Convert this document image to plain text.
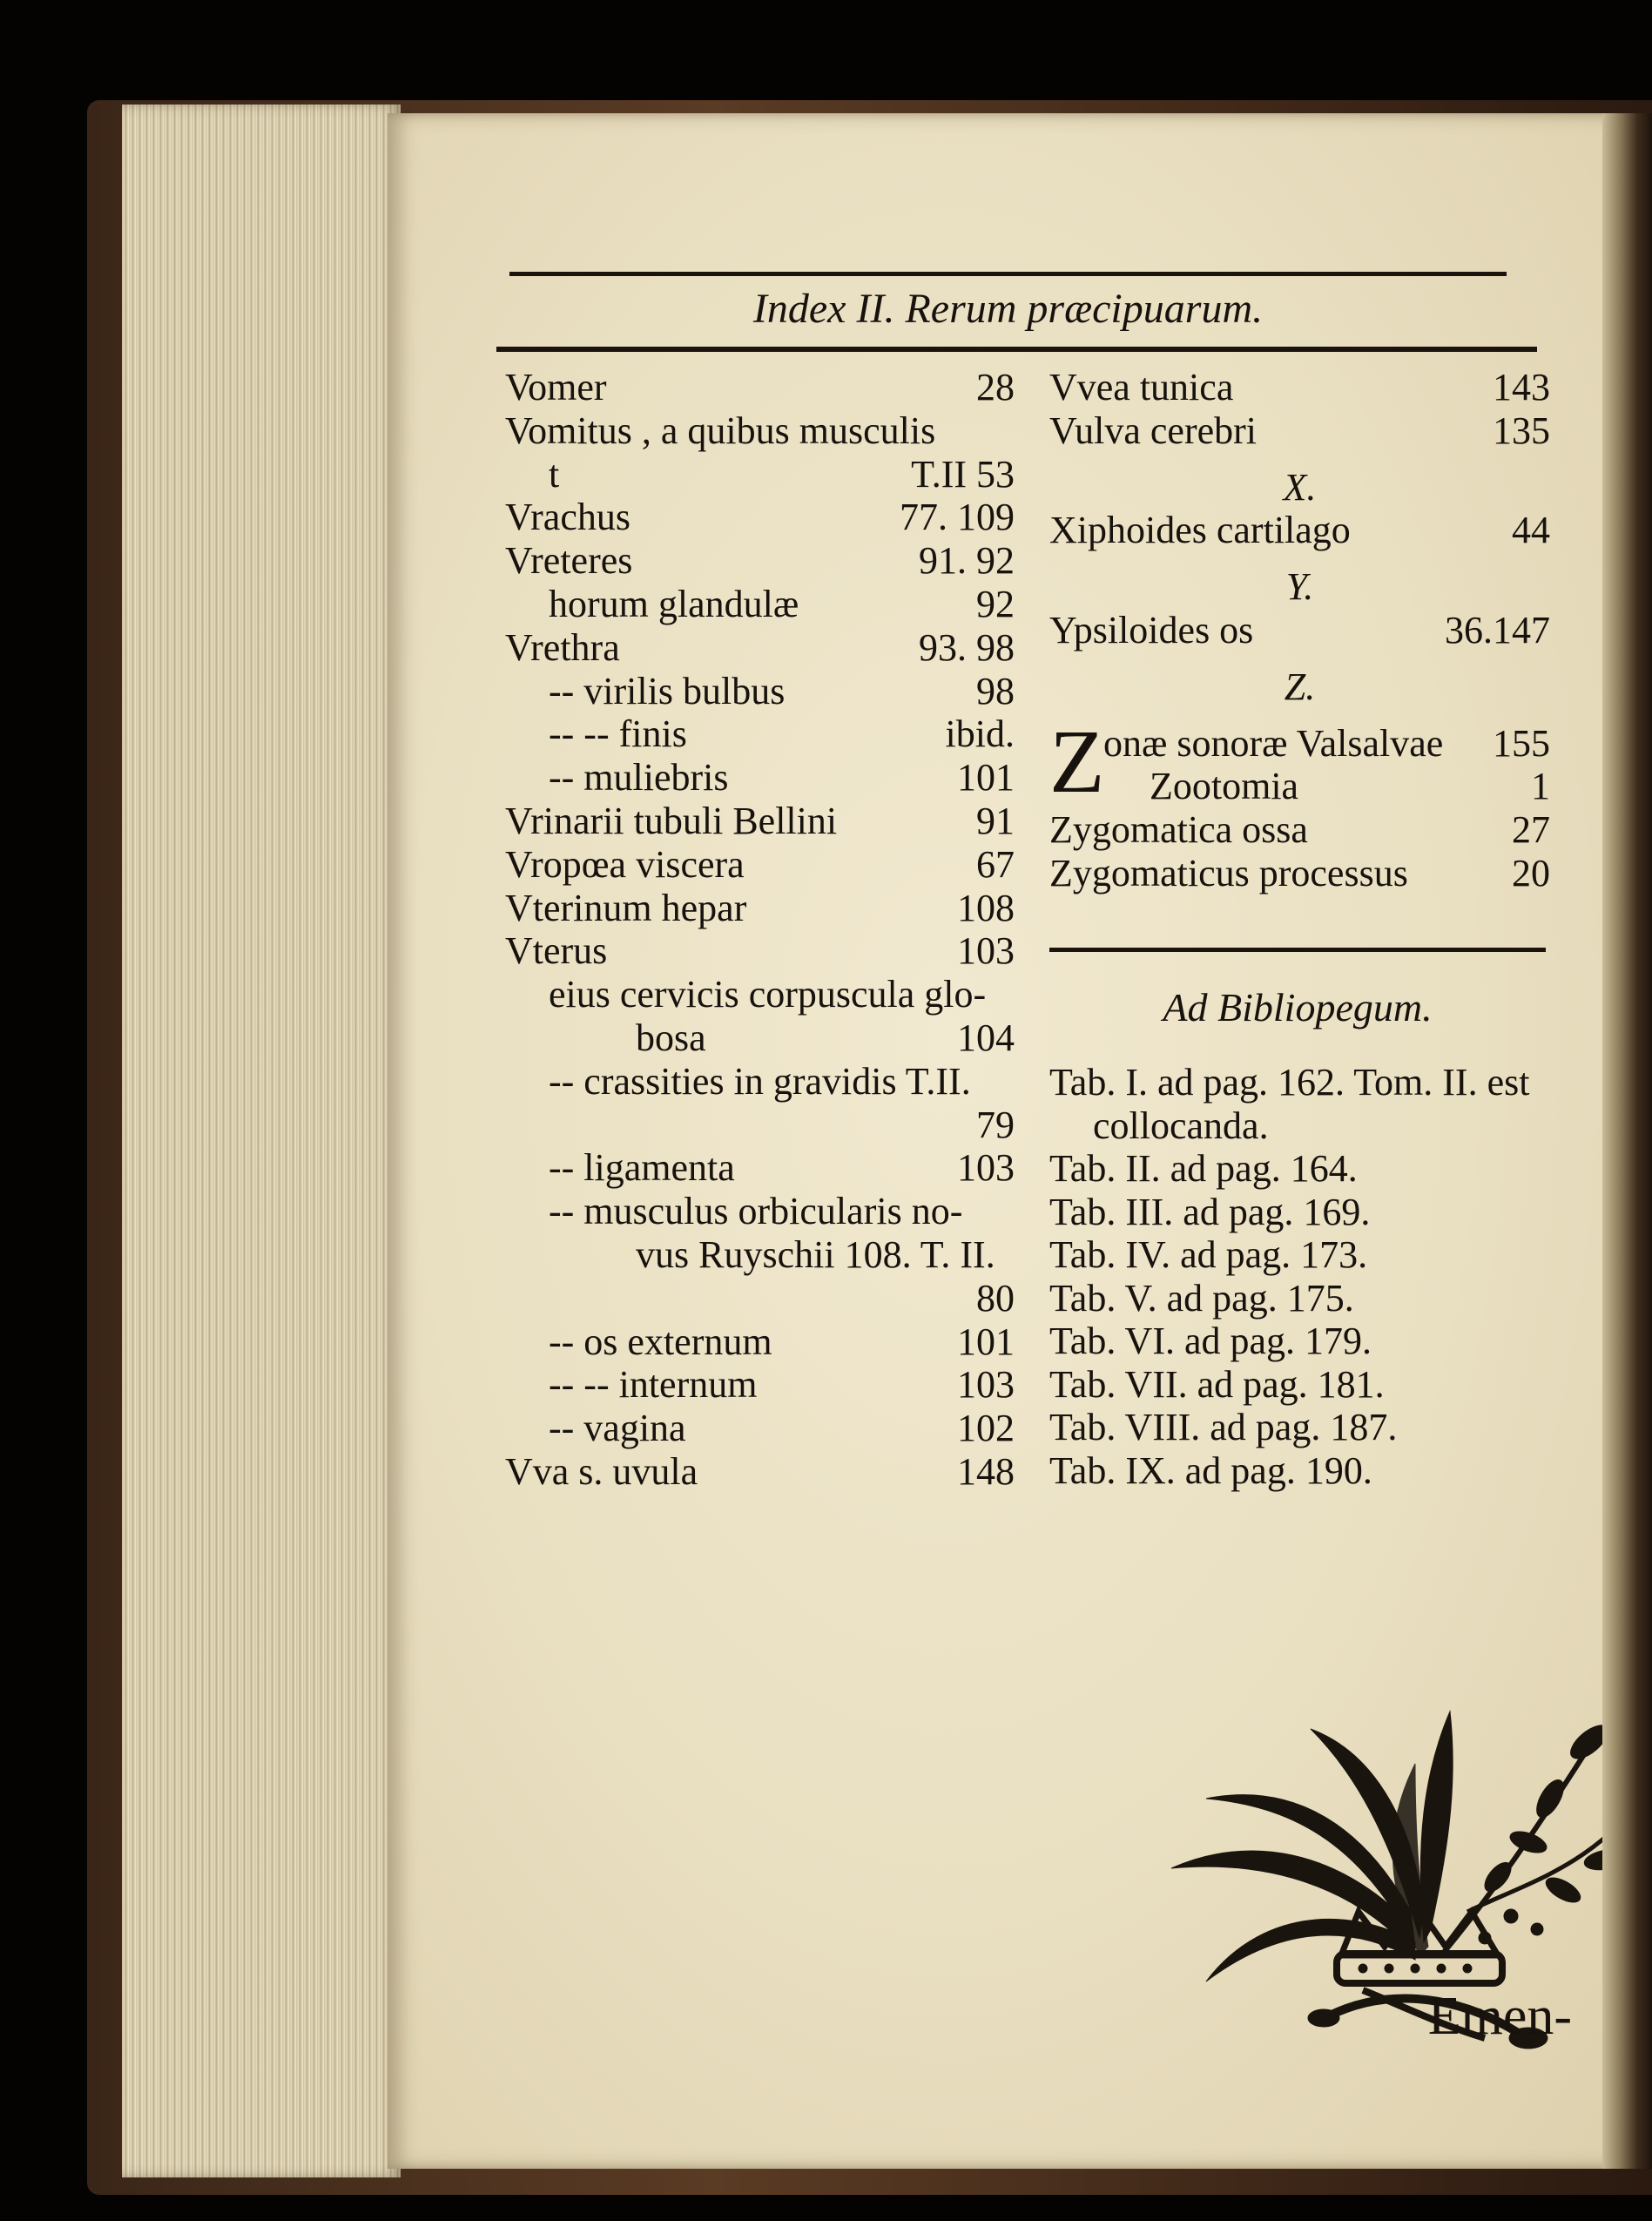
Index II. Rerum præcipuarum.
Ad Bibliopegum.
Emen-
Vomer	28
Vomitus , a quibus musculis
t	T.II 53
Vrachus	77. 109
Vreteres	91. 92
horum glandulæ	92
Vrethra	93. 98
-- virilis bulbus	98
-- -- finis	ibid.
-- muliebris	101
Vrinarii tubuli Bellini	91
Vropœa viscera	67
Vterinum hepar	108
Vterus	103
eius cervicis corpuscula glo-
bosa	104
-- crassities in gravidis T.II.
79
-- ligamenta	103
-- musculus orbicularis no-
vus Ruyschii 108. T. II.
80
-- os externum	101
-- -- internum	103
-- vagina	102
Vva s. uvula	148
Vvea tunica	143
Vulva cerebri	135
X.
Xiphoides cartilago	44
Y.
Ypsiloides os	36.147
Z.
Z
onæ sonoræ Valsalvae	155
Zootomia	1
Zygomatica ossa	27
Zygomaticus processus	20
Tab. I. ad pag. 162. Tom. II. est
collocanda.
Tab. II. ad pag. 164.
Tab. III. ad pag. 169.
Tab. IV. ad pag. 173.
Tab. V. ad pag. 175.
Tab. VI. ad pag. 179.
Tab. VII. ad pag. 181.
Tab. VIII. ad pag. 187.
Tab. IX. ad pag. 190.
